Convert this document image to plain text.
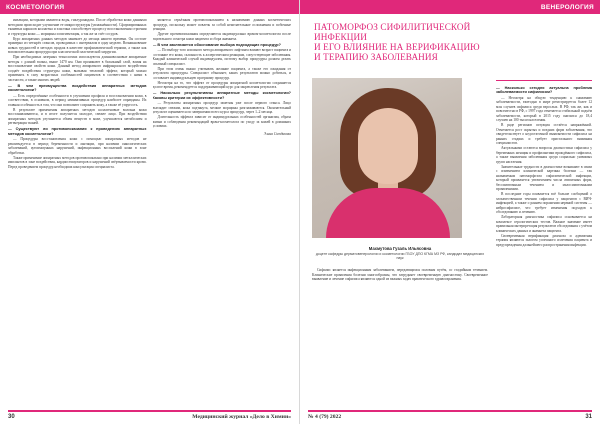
КОСМЕТОЛОГИЯ

инъекции, которыми являются воды, гиалуронидаза. После обработки кожи данными методами происходит улучшение ее микроструктуры (увлажнённости). Сформированных тканевых каркасов коллагена и эластина способствует процессу восстановления строения и структуры кожи — морщины и пигментация, а так же за счёт сосудов.

Курс аппаратных данных методов занимает до месяца нашего времени. Он состоит примерно из четырёх сеансов, проводимых с интервалом в одну неделю. Возникновение новых трудностей в методах продаж в качестве профилактической терапии, а также как вспомогательная процедура при классической пластической хирургии.

При необходимых лазерных технологиях используются длинноволновые аппаратные методы с длиной волны, выше 1470 нм. Они проникают в базальный слой, влияя на восстановление свойств кожи. Данный метод аппаратного инфракрасного воздействия создаёт воздействия структуры кожи, вызывая тепловой эффект, который можно применять в силу возрастных особенностей пациентов в соответствии с ними в частности, а также многих людей.

— В чем преимущества воздействия аппаратных методов косметологии?

— Есть определённые особенности в улучшении профиля и восстановлении кожи, в соответствии, в основном, в период неинвазивных процедур наиболее оправданы. Их главная особенность в том, что они позволяют сохранить кожу, а также её упругость.

В результате применения аппаратных методов коллагеновые волокна кожи восстанавливаются, и в итоге получается молодое, свежее лицо. При воздействии аппаратных методов улучшается обмен веществ в коже, улучшаются метаболизм и регенерация тканей.

— Существуют ли противопоказания к проведению аппаратных методов косметологии?

— Процедуры восстановления кожи с помощью аппаратных методов не рекомендуется в период беременности и лактации, при наличии онкологических заболеваний, аутоиммунных нарушений, инфекционных воспалений кожи в зоне обработки.

Также применение аппаратных методов противопоказано при наличии металлических имплантов в зоне воздействия, кардиостимуляторов и нарушений свёртываемости крови. Перед проведением процедур необходима консультация специалиста.

является серьёзным противопоказанием к назначению данных косметических процедур, поскольку может повлечь за собой нежелательные осложнения и побочные реакции.

Другие противопоказания определяются индивидуально врачом-косметологом после тщательного осмотра кожи пациента и сбора анамнеза.

— В чем заключается обоснование выбора подходящих процедур?

— По выбору того или иного метода аппаратного лифтинга влияют возраст пациента и состояние его кожи, склонность к аллергическим реакциям, сопутствующие заболевания. Каждый клинический случай индивидуален, поэтому выбор процедуры должен делать опытный специалист.

При этом очень важно учитывать желание пациента, а также его ожидания от результата процедуры. Специалист объясняет, каких результатов можно добиться, и составляет индивидуальную программу процедур.

Несмотря на то, что эффект от процедуры аппаратной косметологии сохраняется долгое время, рекомендуется поддерживающий курс для закрепления результата.

— Насколько результативны аппаратные методы косметологии? Каковы критерии их эффективности?

— Результаты аппаратных процедур заметны уже после первого сеанса. Лицо выглядит свежим, кожа подтянута, мелкие морщины разглаживаются. Окончательный результат оценивается по завершении всего курса процедур, через 1–2 месяца.

Длительность эффекта зависит от индивидуальных особенностей организма, образа жизни и соблюдения рекомендаций врача-косметолога по уходу за кожей в домашних условиях.

Элина Ситдикова

30	Медицинский журнал «Дело в Химии»
ВЕНЕРОЛОГИЯ
ПАТОМОРФОЗ СИФИЛИТИЧЕСКОЙ ИНФЕКЦИИ
И ЕГО ВЛИЯНИЕ НА ВЕРИФИКАЦИЮ
И ТЕРАПИЮ ЗАБОЛЕВАНИЯ
Махмутова Гузаль Ильясовна
доцент кафедры дерматовенерологии и косметологии ГБОУ ДПО КГМА МЗ РФ, кандидат медицинских наук

Сифилис является инфекционным заболеванием, передающимся половым путём, со стадийным течением. Клинические проявления болезни многообразны, что затрудняет своевременную диагностику. Своевременное выявление и лечение сифилиса являются одной из важных задач практического здравоохранения.

— Насколько сегодня актуальна проблема заболеваемости сифилисом?

— Несмотря на общую тенденцию к снижению заболеваемости, ежегодно в мире регистрируется более 12 млн случаев сифилиса среди взрослых. В РФ, так же, как и повсеместно в РФ, с 1997 года отмечается стабильный подъём заболеваемости, который в 2015 году снизился до 18,4 случаев на 100 тысяч населения.

В ряде регионов ситуация остаётся напряжённой. Отмечается рост скрытых и поздних форм заболевания, что свидетельствует о недостаточной выявляемости сифилиса на ранних стадиях и требует пристального внимания специалистов.

Актуальными остаются вопросы диагностики сифилиса у беременных женщин и профилактики врождённого сифилиса, а также выявления заболевания среди социально уязвимых групп населения.

Значительные трудности в диагностике возникают в связи с изменением клинической картины болезни — так называемым патоморфозом сифилитической инфекции, который проявляется увеличением числа атипичных форм, бессимптомным течением и малосимптомными проявлениями.

В последние годы появляется всё больше сообщений о злокачественном течении сифилиса у пациентов с ВИЧ-инфекцией, а также о раннем поражении нервной системы — нейросифилисе, что требует изменения подходов к обследованию и лечению.

Лабораторная диагностика сифилиса основывается на комплексе серологических тестов. Важное значение имеет правильная интерпретация результатов обследования с учётом клинических данных и анамнеза пациента.

Своевременная верификация диагноза и адекватная терапия являются залогом успешного излечения пациента и предупреждения дальнейшего распространения инфекции.

№ 4 (79) 2022	31
